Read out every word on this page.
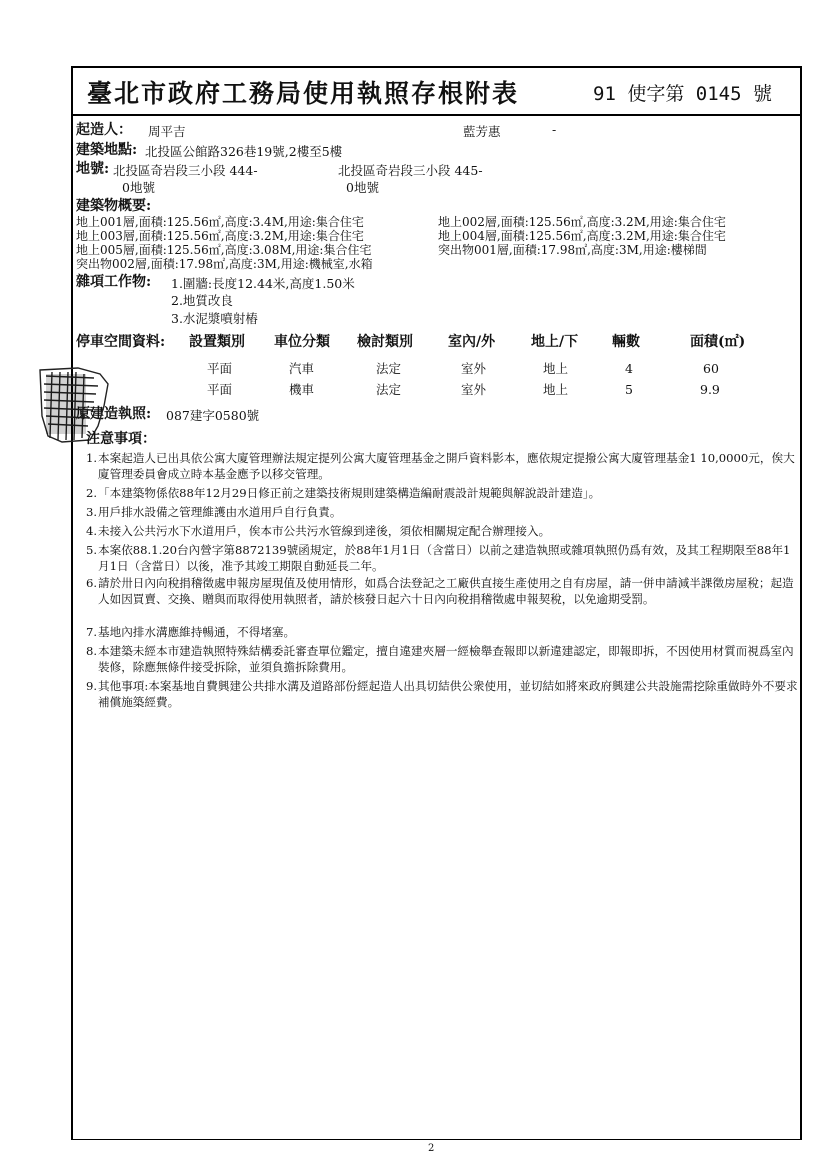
臺北市政府工務局使用執照存根附表	91 使字第 0145 號
起造人： 周平吉	藍芳惠	-
建築地點: 北投區公館路326巷19號,2樓至5樓
地號: 北投區奇岩段三小段 444-
0地號
北投區奇岩段三小段 445-
0地號
建築物概要:
地上001層,面積:125.56㎡,高度:3.4M,用途:集合住宅
地上003層,面積:125.56㎡,高度:3.2M,用途:集合住宅
地上005層,面積:125.56㎡,高度:3.08M,用途:集合住宅
突出物002層,面積:17.98㎡,高度:3M,用途:機械室,水箱
地上002層,面積:125.56㎡,高度:3.2M,用途:集合住宅
地上004層,面積:125.56㎡,高度:3.2M,用途:集合住宅
突出物001層,面積:17.98㎡,高度:3M,用途:樓梯間
雜項工作物: 1.圍牆:長度12.44米,高度1.50米
2.地質改良
3.水泥漿噴射樁
停車空間資料: 設置類別 車位分類 檢討類別	室內/外	地上/下 輛數	面積(㎡)
平面	汽車	法定	室外	地上	4	60
平面	機車	法定	室外	地上	5	9.9
原建造執照: 087建字0580號
注意事項：
1. 本案起造人已出具依公寓大廈管理辦法規定提列公寓大廈管理基金之開戶資料影本，應依規定提撥公寓大廈管理基金1 10,0000元，俟大廈管理委員會成立時本基金應予以移交管理。
2. 「本建築物係依88年12月29日修正前之建築技術規則建築構造編耐震設計規範與解說設計建造」。
3. 用戶排水設備之管理維護由水道用戶自行負責。
4. 未接入公共污水下水道用戶，俟本市公共污水管線到達後，須依相關規定配合辦理接入。
5. 本案依88.1.20台內營字第8872139號函規定，於88年1月1日（含當日）以前之建造執照或雜項執照仍爲有效，及其工程期限至88年1月1日（含當日）以後，准予其竣工期限自動延長二年。
6. 請於卅日內向稅捐稽徵處申報房屋現值及使用情形，如爲合法登記之工廠供直接生產使用之自有房屋，請一併申請減半課徵房屋稅；起造人如因買賣、交換、贈與而取得使用執照者，請於核發日起六十日內向稅捐稽徵處申報契稅，以免逾期受罰。
7. 基地內排水溝應維持暢通，不得堵塞。
8. 本建築未經本市建造執照特殊結構委託審查單位鑑定，擅自違建夾層一經檢舉查報即以新違建認定，即報即拆，不因使用材質而視爲室內裝修，除應無條件接受拆除，並須負擔拆除費用。
9. 其他事項:本案基地自費興建公共排水溝及道路部份經起造人出具切結供公衆使用，並切結如將來政府興建公共設施需挖除重做時外不要求補償施築經費。
2
